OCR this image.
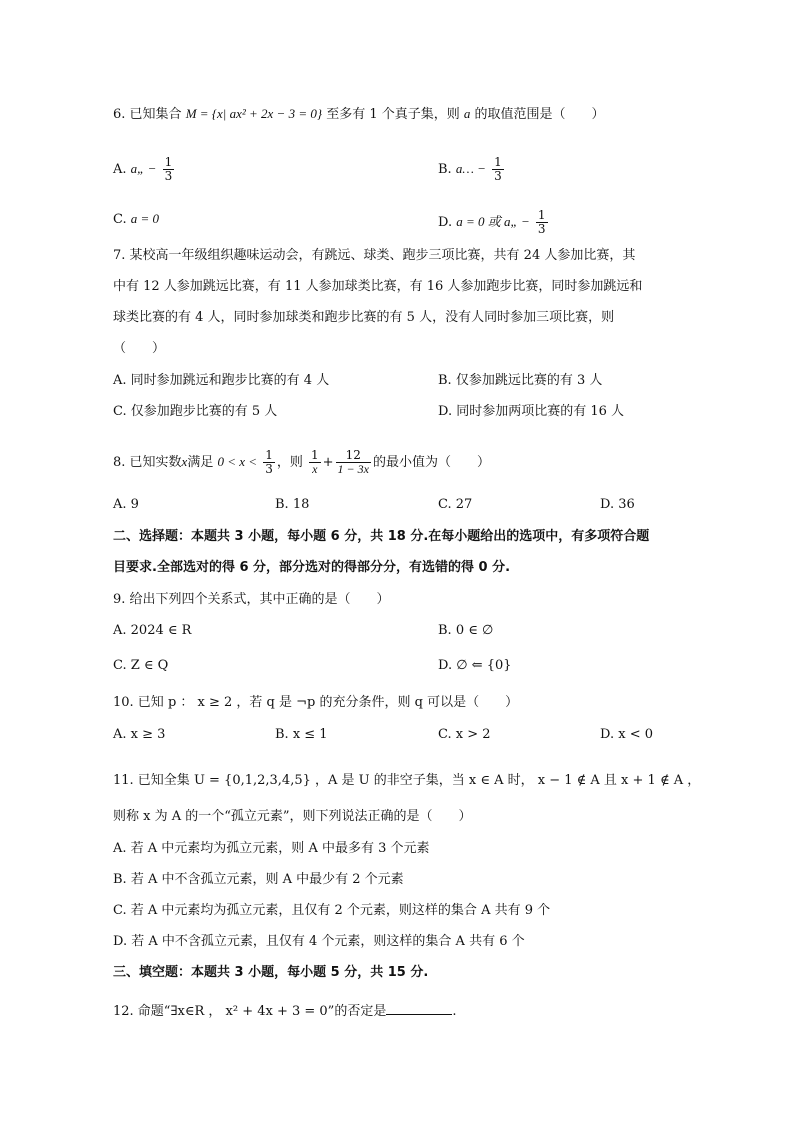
6. 已知集合 M = {x| ax² + 2x − 3 = 0} 至多有 1 个真子集，则 a 的取值范围是（　　）
A. a„ − $\frac{1}{3}$	B. a… − $\frac{1}{3}$
C. a = 0	D. a = 0 或 a„ − $\frac{1}{3}$
7. 某校高一年级组织趣味运动会，有跳远、球类、跑步三项比赛，共有 24 人参加比赛，其
中有 12 人参加跳远比赛，有 11 人参加球类比赛，有 16 人参加跑步比赛，同时参加跳远和
球类比赛的有 4 人，同时参加球类和跑步比赛的有 5 人，没有人同时参加三项比赛，则
（　　）
A. 同时参加跳远和跑步比赛的有 4 人	B. 仅参加跳远比赛的有 3 人
C. 仅参加跑步比赛的有 5 人	D. 同时参加两项比赛的有 16 人
8. 已知实数x满足 $0 < x < \frac{1}{3}$ ，则 $\frac{1}{x} + \frac{12}{1 - 3x}$ 的最小值为（　　）
A. 9	B. 18	C. 27	D. 36
二、选择题：本题共 3 小题，每小题 6 分，共 18 分.在每小题给出的选项中，有多项符合题
目要求.全部选对的得 6 分，部分选对的得部分分，有选错的得 0 分.
9. 给出下列四个关系式，其中正确的是（　　）
A. 2024 ∈ R	B. 0 ∈ ∅
C. Z ∈ Q	D. ∅ ⇐ {0}
10. 已知 p ： x ≥ 2 ，若 q 是 ¬p 的充分条件，则 q 可以是（　　）
A. x ≥ 3	B. x ≤ 1	C. x > 2	D. x < 0
11. 已知全集 U = {0,1,2,3,4,5} ，A 是 U 的非空子集，当 x ∈ A 时， x − 1 ∉ A 且 x + 1 ∉ A ，
则称 x 为 A 的一个“孤立元素”，则下列说法正确的是（　　）
A. 若 A 中元素均为孤立元素，则 A 中最多有 3 个元素
B. 若 A 中不含孤立元素，则 A 中最少有 2 个元素
C. 若 A 中元素均为孤立元素，且仅有 2 个元素，则这样的集合 A 共有 9 个
D. 若 A 中不含孤立元素，且仅有 4 个元素，则这样的集合 A 共有 6 个
三、填空题：本题共 3 小题，每小题 5 分，共 15 分.
12. 命题“∃x∈R ， x² + 4x + 3 = 0”的否定是	.
